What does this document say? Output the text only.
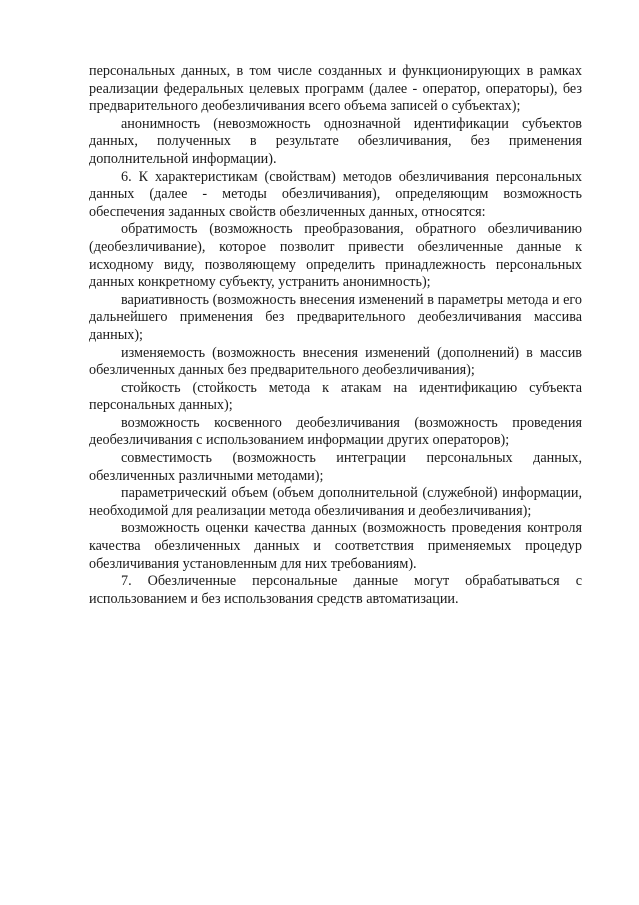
персональных данных, в том числе созданных и функционирующих в рамках реализации федеральных целевых программ (далее - оператор, операторы), без предварительного деобезличивания всего объема записей о субъектах);

анонимность (невозможность однозначной идентификации субъектов данных, полученных в результате обезличивания, без применения дополнительной информации).

6. К характеристикам (свойствам) методов обезличивания персональных данных (далее - методы обезличивания), определяющим возможность обеспечения заданных свойств обезличенных данных, относятся:

обратимость (возможность преобразования, обратного обезличиванию (деобезличивание), которое позволит привести обезличенные данные к исходному виду, позволяющему определить принадлежность персональных данных конкретному субъекту, устранить анонимность);

вариативность (возможность внесения изменений в параметры метода и его дальнейшего применения без предварительного деобезличивания массива данных);

изменяемость (возможность внесения изменений (дополнений) в массив обезличенных данных без предварительного деобезличивания);

стойкость (стойкость метода к атакам на идентификацию субъекта персональных данных);

возможность косвенного деобезличивания (возможность проведения деобезличивания с использованием информации других операторов);

совместимость (возможность интеграции персональных данных, обезличенных различными методами);

параметрический объем (объем дополнительной (служебной) информации, необходимой для реализации метода обезличивания и деобезличивания);

возможность оценки качества данных (возможность проведения контроля качества обезличенных данных и соответствия применяемых процедур обезличивания установленным для них требованиям).

7. Обезличенные персональные данные могут обрабатываться с использованием и без использования средств автоматизации.
